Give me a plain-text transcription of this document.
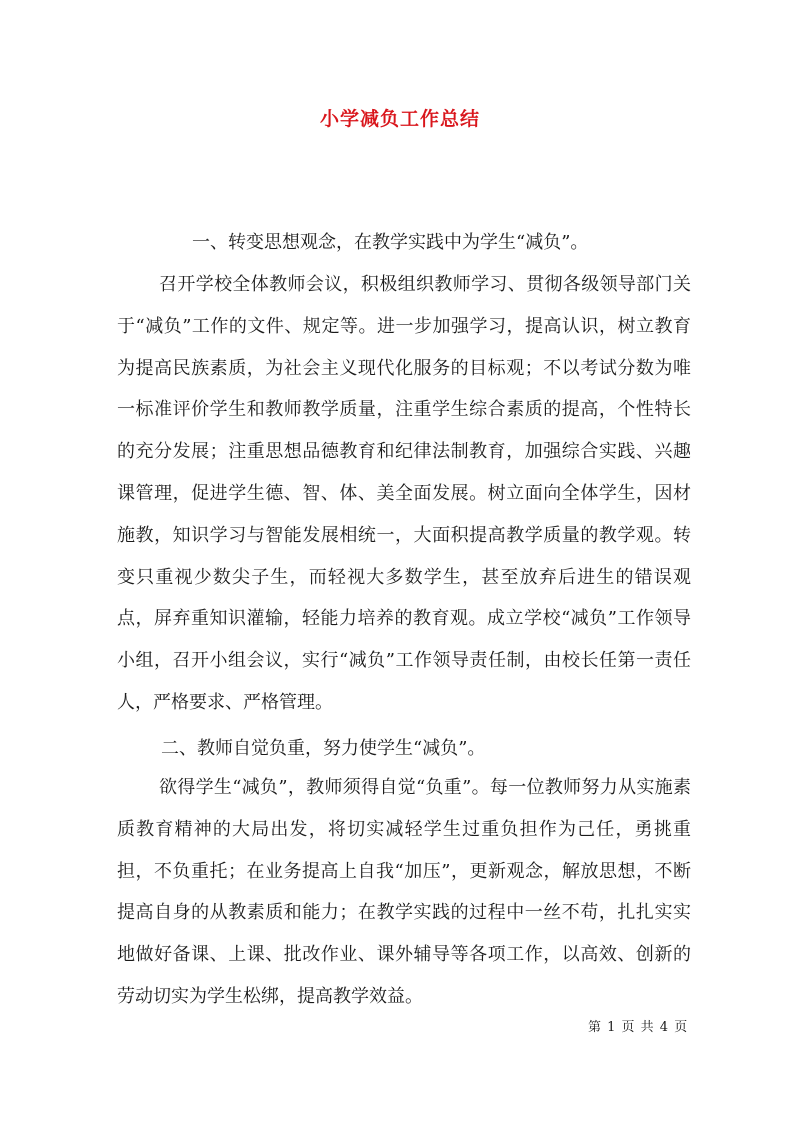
小学减负工作总结

一、转变思想观念，在教学实践中为学生“减负”。

召开学校全体教师会议，积极组织教师学习、贯彻各级领导部门关于“减负”工作的文件、规定等。进一步加强学习，提高认识，树立教育为提高民族素质，为社会主义现代化服务的目标观；不以考试分数为唯一标准评价学生和教师教学质量，注重学生综合素质的提高，个性特长的充分发展；注重思想品德教育和纪律法制教育，加强综合实践、兴趣课管理，促进学生德、智、体、美全面发展。树立面向全体学生，因材施教，知识学习与智能发展相统一，大面积提高教学质量的教学观。转变只重视少数尖子生，而轻视大多数学生，甚至放弃后进生的错误观点，屏弃重知识灌输，轻能力培养的教育观。成立学校“减负”工作领导小组，召开小组会议，实行“减负”工作领导责任制，由校长任第一责任人，严格要求、严格管理。

二、教师自觉负重，努力使学生“减负”。

欲得学生“减负”，教师须得自觉“负重”。每一位教师努力从实施素质教育精神的大局出发，将切实减轻学生过重负担作为己任，勇挑重担，不负重托；在业务提高上自我“加压”，更新观念，解放思想，不断提高自身的从教素质和能力；在教学实践的过程中一丝不苟，扎扎实实地做好备课、上课、批改作业、课外辅导等各项工作，以高效、创新的劳动切实为学生松绑，提高教学效益。

第 1 页 共 4 页
